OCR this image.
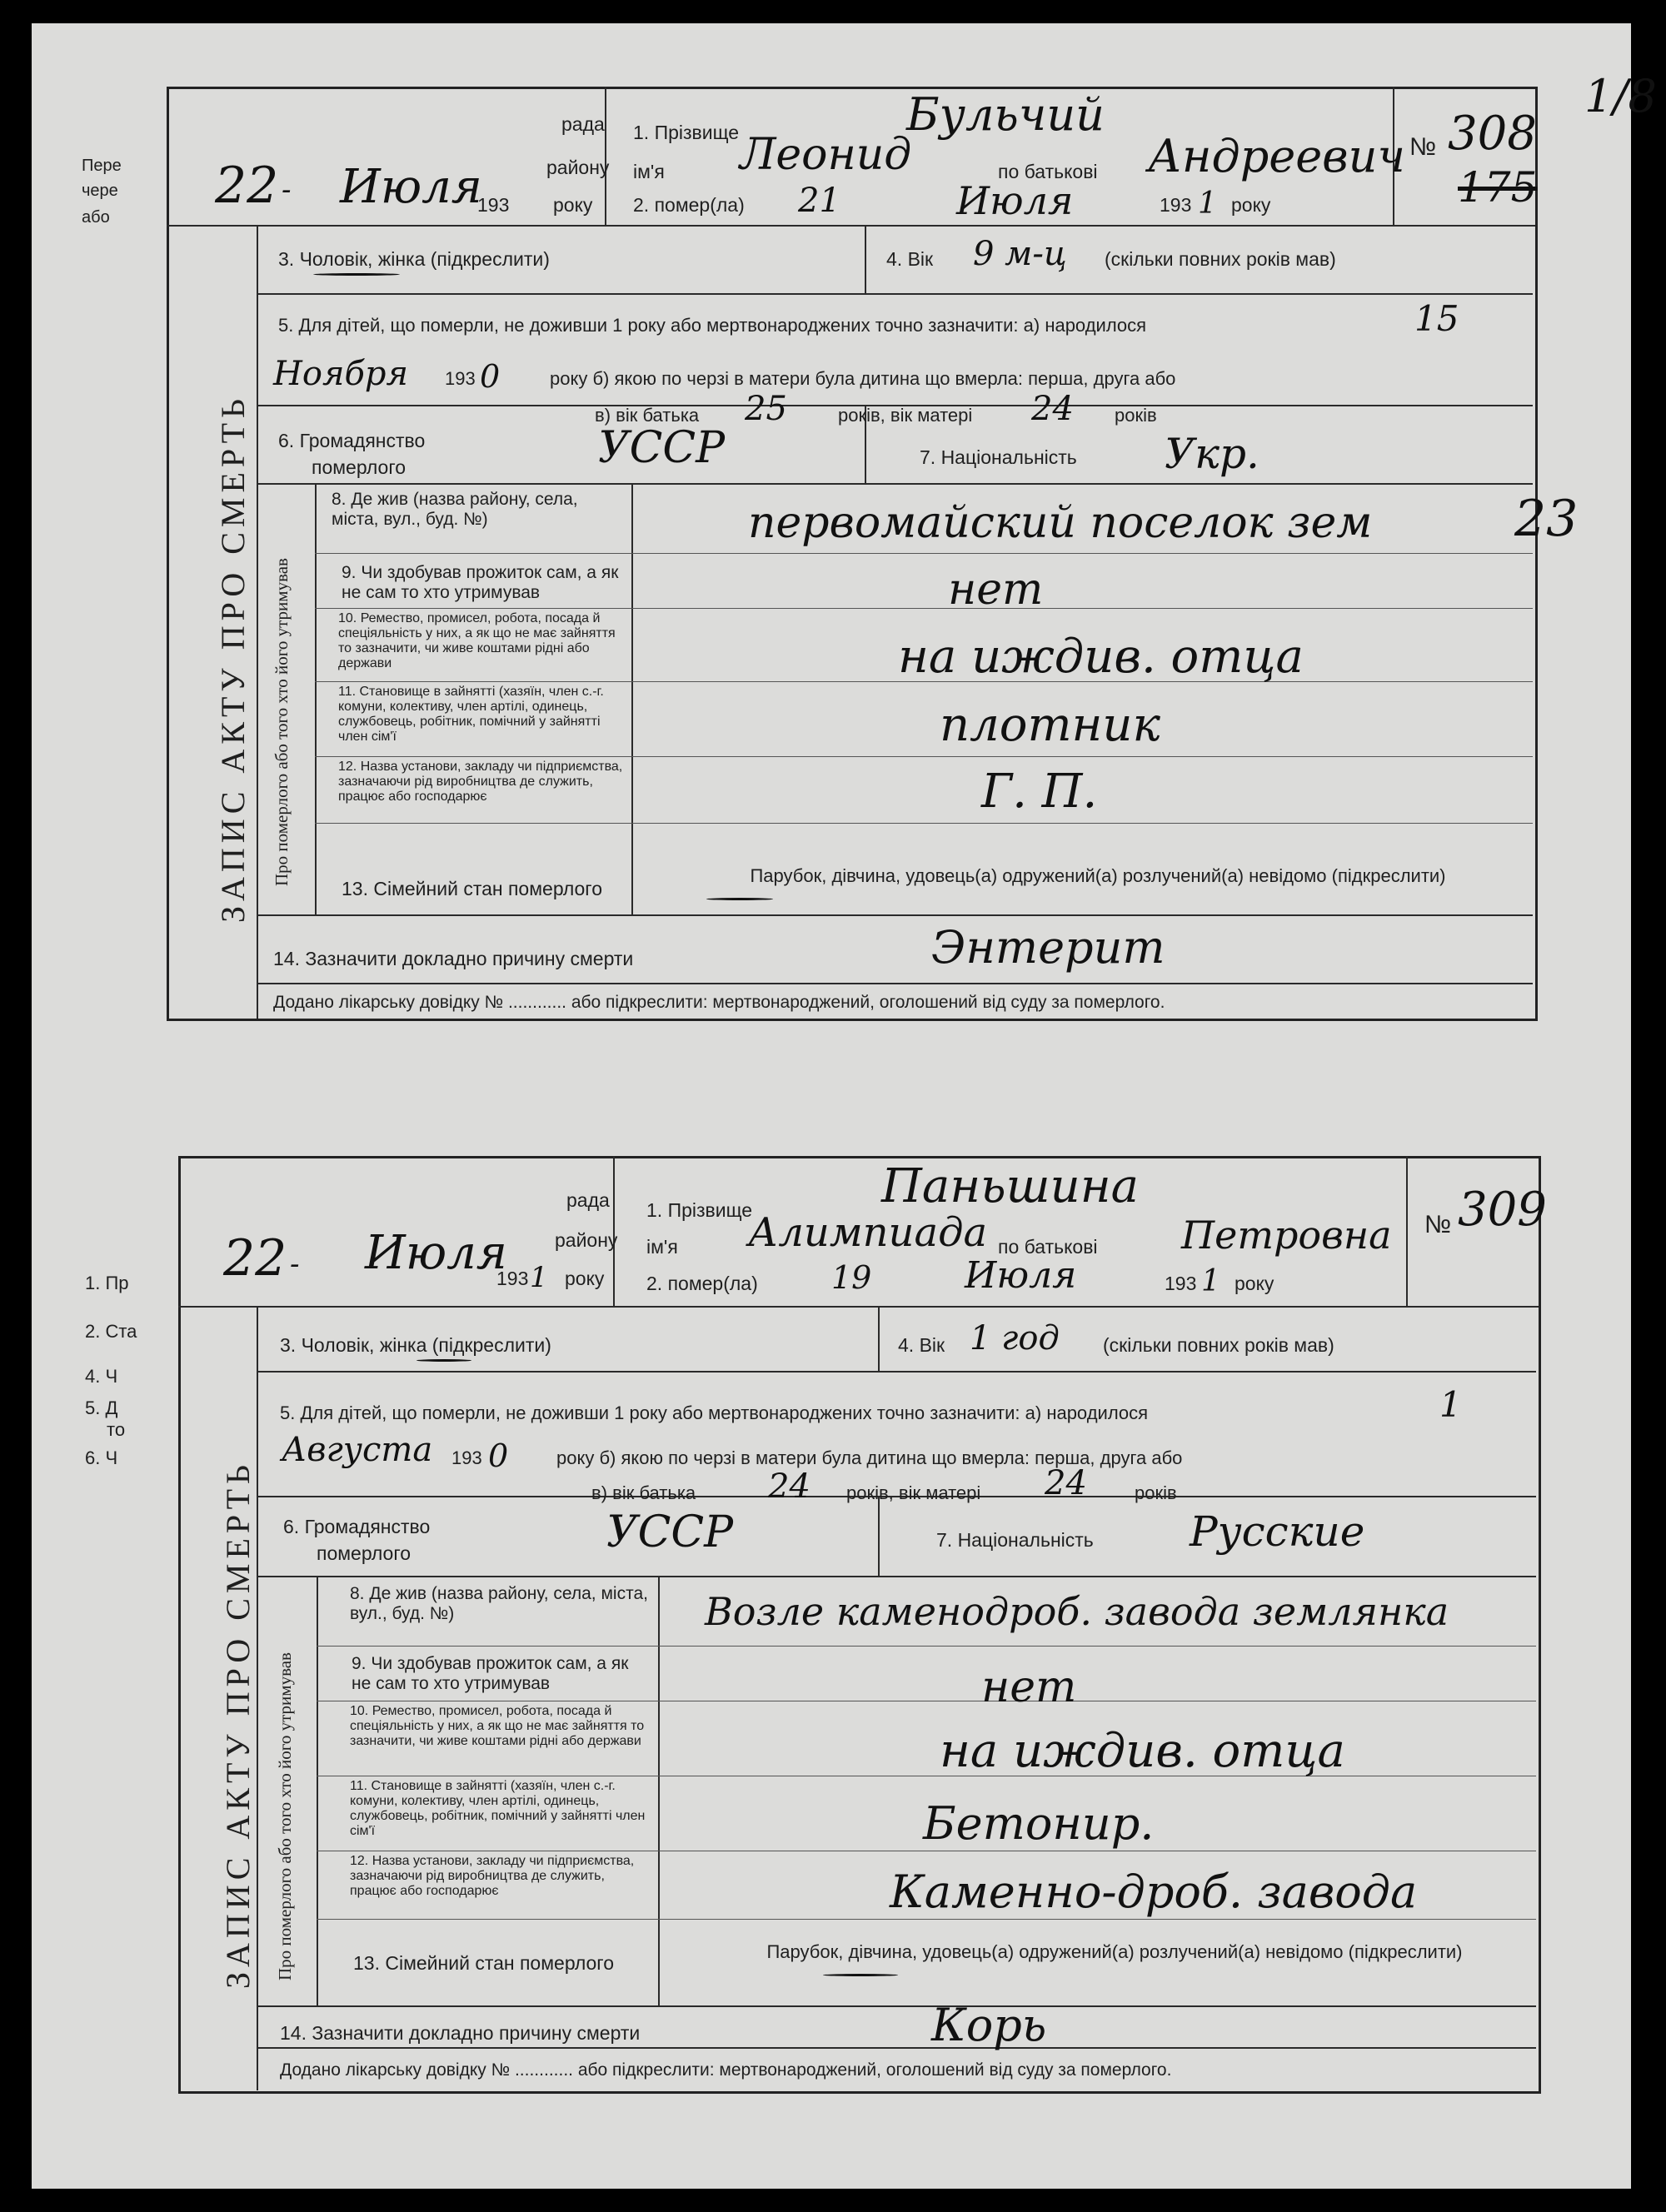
Пере
чере
або
1. Пр
2. Ста
4. Ч
5. Д
то
6. Ч
рада
району
193 року
22 - Июля
1. Прізвище	Бульчий
ім'я Леонид	по батькові Андреевич
2. помер(ла) 21	Июля	193 1 року
№ 308
175
1/8
3. Чоловік, жінка (підкреслити)	4. Вік 9 м-ц (скільки повних років мав)
5. Для дітей, що померли, не доживши 1 року або мертвонароджених точно зазначити: а) народилося	15
Ноября 193 0	року б) якою по черзі в матери була дитина що вмерла: перша, друга або
в) вік батька 25	років, вік матері 24 років
6. Громадянство
померлого	УССР	7. Національність Укр.
8. Де жив (назва району, села, міста, вул., буд. №)	первомайский поселок зем	23
9. Чи здобував прожиток сам, а як не сам то хто утримував	нет
10. Ремество, промисел, робота, посада й спеціяльність у них, а як що не має зайняття то зазначити, чи живе коштами рідні або держави	на иждив. отца
11. Становище в зайнятті (хазяїн, член с.-г. комуни, колективу, член артілі, одинець, службовець, робітник, помічний у зайнятті член сім'ї	плотник
12. Назва установи, закладу чи підприємства, зазначаючи рід виробництва де служить, працює або господарює	Г. П.
13. Сімейний стан померлого
Парубок, дівчина, удовець(а) одружений(а) розлучений(а) невідомо (підкреслити)
14. Зазначити докладно причину смерти	Энтерит
Додано лікарську довідку № ............ або підкреслити: мертвонароджений, оголошений від суду за померлого.
ЗАПИС АКТУ ПРО СМЕРТЬ Про померлого або того хто його утримував
рада
району
193 1 року
22 - Июля
1. Прізвище	Паньшина
ім'я Алимпиада по батькові Петровна
2. помер(ла) 19	Июля	193 1 року
№ 309
3. Чоловік, жінка (підкреслити)	4. Вік 1 год (скільки повних років мав)
5. Для дітей, що померли, не доживши 1 року або мертвонароджених точно зазначити: а) народилося	1
Августа 193 0	року б) якою по черзі в матери була дитина що вмерла: перша, друга або
в) вік батька 24 років, вік матері 24	років
6. Громадянство
померлого	УССР	7. Національність Русские
8. Де жив (назва району, села, міста, вул., буд. №)	Возле каменодроб. завода землянка
9. Чи здобував прожиток сам, а як не сам то хто утримував	нет
10. Ремество, промисел, робота, посада й спеціяльність у них, а як що не має зайняття то зазначити, чи живе коштами рідні або держави	на иждив. отца
11. Становище в зайнятті (хазяїн, член с.-г. комуни, колективу, член артілі, одинець, службовець, робітник, помічний у зайнятті член сім'ї	Бетонир.
12. Назва установи, закладу чи підприємства, зазначаючи рід виробництва де служить, працює або господарює	Каменно-дроб. завода
13. Сімейний стан померлого
Парубок, дівчина, удовець(а) одружений(а) розлучений(а) невідомо (підкреслити)
14. Зазначити докладно причину смерти	Корь
Додано лікарську довідку № ............ або підкреслити: мертвонароджений, оголошений від суду за померлого.
ЗАПИС АКТУ ПРО СМЕРТЬ Про померлого або того хто його утримував
